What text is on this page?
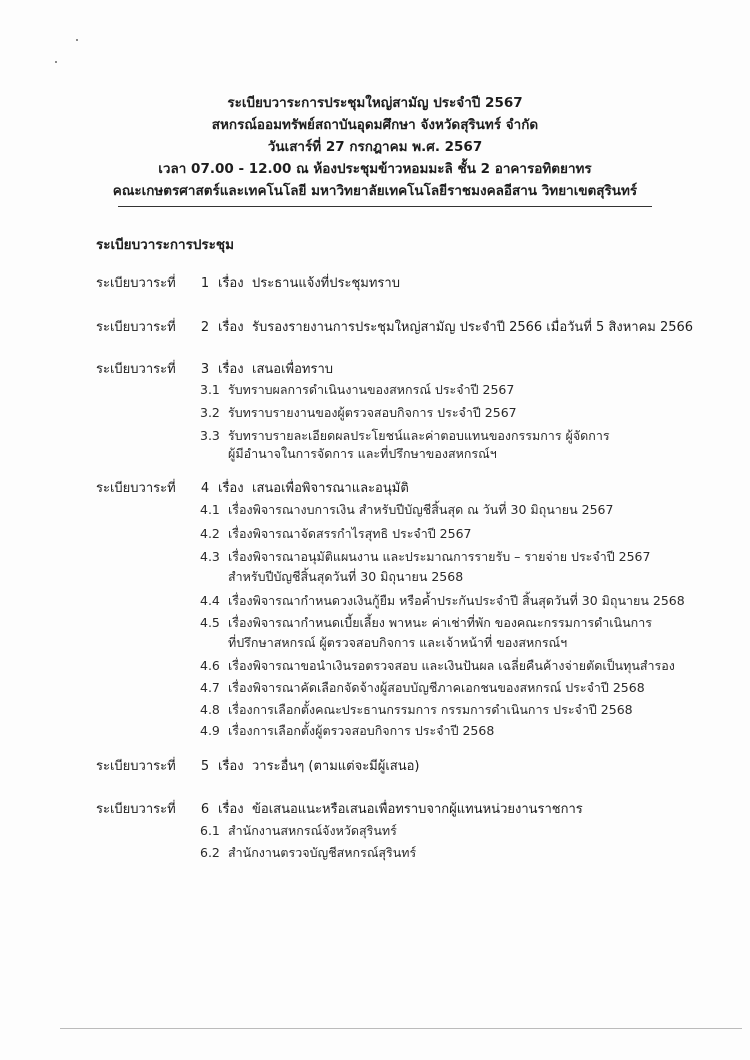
ระเบียบวาระการประชุมใหญ่สามัญ ประจำปี 2567
สหกรณ์ออมทรัพย์สถาบันอุดมศึกษา จังหวัดสุรินทร์ จำกัด
วันเสาร์ที่ 27 กรกฎาคม พ.ศ. 2567
เวลา 07.00 - 12.00 ณ ห้องประชุมข้าวหอมมะลิ ชั้น 2 อาคารอทิตยาทร
คณะเกษตรศาสตร์และเทคโนโลยี มหาวิทยาลัยเทคโนโลยีราชมงคลอีสาน วิทยาเขตสุรินทร์
ระเบียบวาระการประชุม
ระเบียบวาระที่ 1 เรื่อง ประธานแจ้งที่ประชุมทราบ
ระเบียบวาระที่ 2 เรื่อง รับรองรายงานการประชุมใหญ่สามัญ ประจำปี 2566 เมื่อวันที่ 5 สิงหาคม 2566
ระเบียบวาระที่ 3 เรื่อง เสนอเพื่อทราบ
3.1 รับทราบผลการดำเนินงานของสหกรณ์ ประจำปี 2567
3.2 รับทราบรายงานของผู้ตรวจสอบกิจการ ประจำปี 2567
3.3 รับทราบรายละเอียดผลประโยชน์และค่าตอบแทนของกรรมการ ผู้จัดการ
ผู้มีอำนาจในการจัดการ และที่ปรึกษาของสหกรณ์ฯ
ระเบียบวาระที่ 4 เรื่อง เสนอเพื่อพิจารณาและอนุมัติ
4.1 เรื่องพิจารณางบการเงิน สำหรับปีบัญชีสิ้นสุด ณ วันที่ 30 มิถุนายน 2567
4.2 เรื่องพิจารณาจัดสรรกำไรสุทธิ ประจำปี 2567
4.3 เรื่องพิจารณาอนุมัติแผนงาน และประมาณการรายรับ – รายจ่าย ประจำปี 2567
สำหรับปีบัญชีสิ้นสุดวันที่ 30 มิถุนายน 2568
4.4 เรื่องพิจารณากำหนดวงเงินกู้ยืม หรือค้ำประกันประจำปี สิ้นสุดวันที่ 30 มิถุนายน 2568
4.5 เรื่องพิจารณากำหนดเบี้ยเลี้ยง พาหนะ ค่าเช่าที่พัก ของคณะกรรมการดำเนินการ
ที่ปรึกษาสหกรณ์ ผู้ตรวจสอบกิจการ และเจ้าหน้าที่ ของสหกรณ์ฯ
4.6 เรื่องพิจารณาขอนำเงินรอตรวจสอบ และเงินปันผล เฉลี่ยคืนค้างจ่ายตัดเป็นทุนสำรอง
4.7 เรื่องพิจารณาคัดเลือกจัดจ้างผู้สอบบัญชีภาคเอกชนของสหกรณ์ ประจำปี 2568
4.8 เรื่องการเลือกตั้งคณะประธานกรรมการ กรรมการดำเนินการ ประจำปี 2568
4.9 เรื่องการเลือกตั้งผู้ตรวจสอบกิจการ ประจำปี 2568
ระเบียบวาระที่ 5 เรื่อง วาระอื่นๆ (ตามแต่จะมีผู้เสนอ)
ระเบียบวาระที่ 6 เรื่อง ข้อเสนอแนะหรือเสนอเพื่อทราบจากผู้แทนหน่วยงานราชการ
6.1 สำนักงานสหกรณ์จังหวัดสุรินทร์
6.2 สำนักงานตรวจบัญชีสหกรณ์สุรินทร์
